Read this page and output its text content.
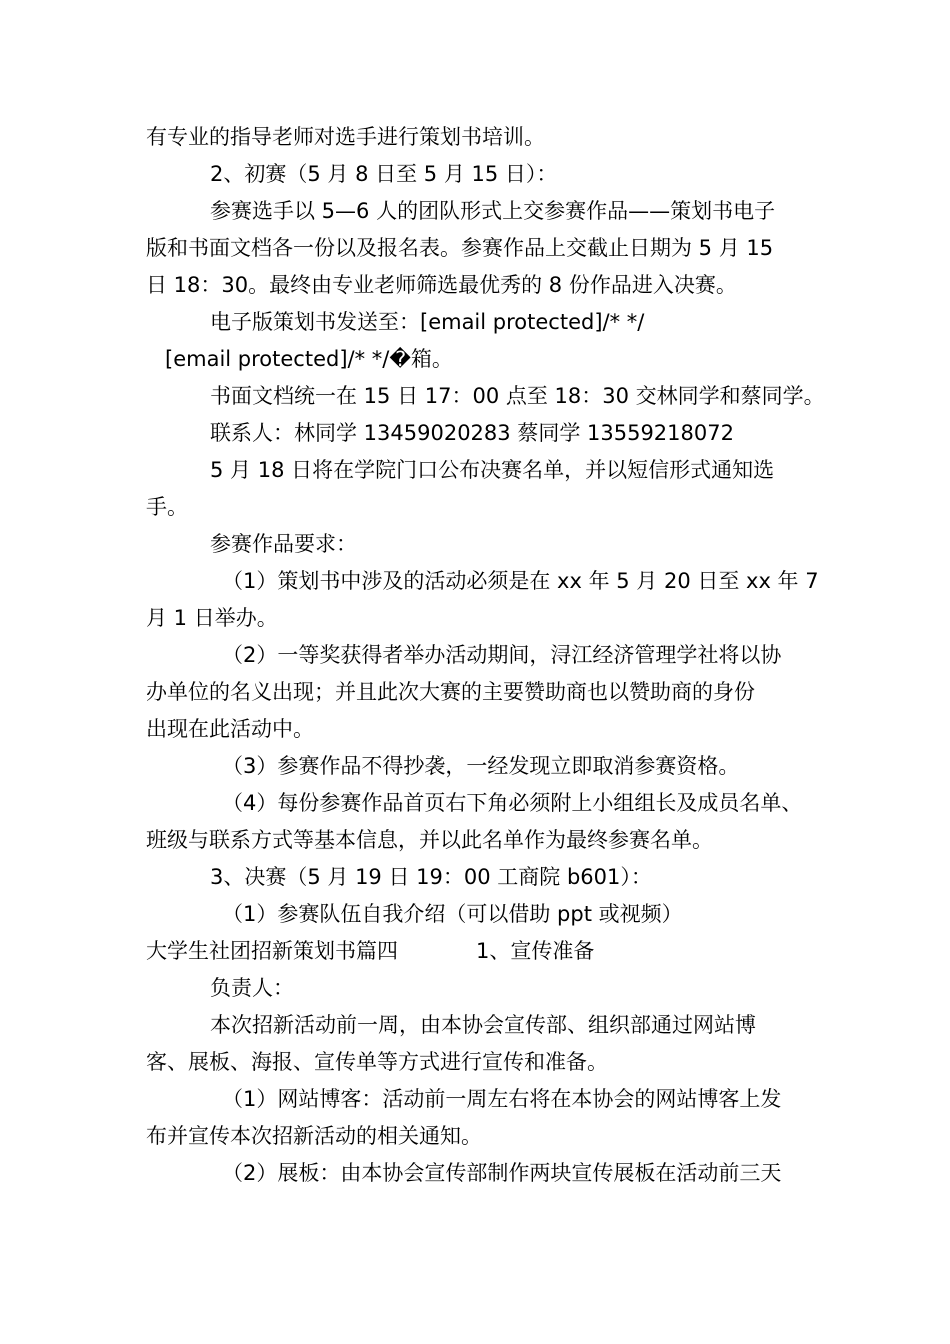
有专业的指导老师对选手进行策划书培训。
2、初赛（5 月 8 日至 5 月 15 日）：
参赛选手以 5—6 人的团队形式上交参赛作品——策划书电子
版和书面文档各一份以及报名表。参赛作品上交截止日期为 5 月 15
日 18：30。最终由专业老师筛选最优秀的 8 份作品进入决赛。
电子版策划书发送至：[email protected]/* */
[email protected]/* */�箱。
书面文档统一在 15 日 17：00 点至 18：30 交林同学和蔡同学。
联系人：林同学 13459020283 蔡同学 13559218072
5 月 18 日将在学院门口公布决赛名单，并以短信形式通知选
手。
参赛作品要求：
（1）策划书中涉及的活动必须是在 xx 年 5 月 20 日至 xx 年 7
月 1 日举办。
（2）一等奖获得者举办活动期间，浔江经济管理学社将以协
办单位的名义出现；并且此次大赛的主要赞助商也以赞助商的身份
出现在此活动中。
（3）参赛作品不得抄袭，一经发现立即取消参赛资格。
（4）每份参赛作品首页右下角必须附上小组组长及成员名单、
班级与联系方式等基本信息，并以此名单作为最终参赛名单。
3、决赛（5 月 19 日 19：00 工商院 b601）：
（1）参赛队伍自我介绍（可以借助 ppt 或视频）
大学生社团招新策划书篇四	1、宣传准备
负责人：
本次招新活动前一周，由本协会宣传部、组织部通过网站博
客、展板、海报、宣传单等方式进行宣传和准备。
（1）网站博客：活动前一周左右将在本协会的网站博客上发
布并宣传本次招新活动的相关通知。
（2）展板：由本协会宣传部制作两块宣传展板在活动前三天
